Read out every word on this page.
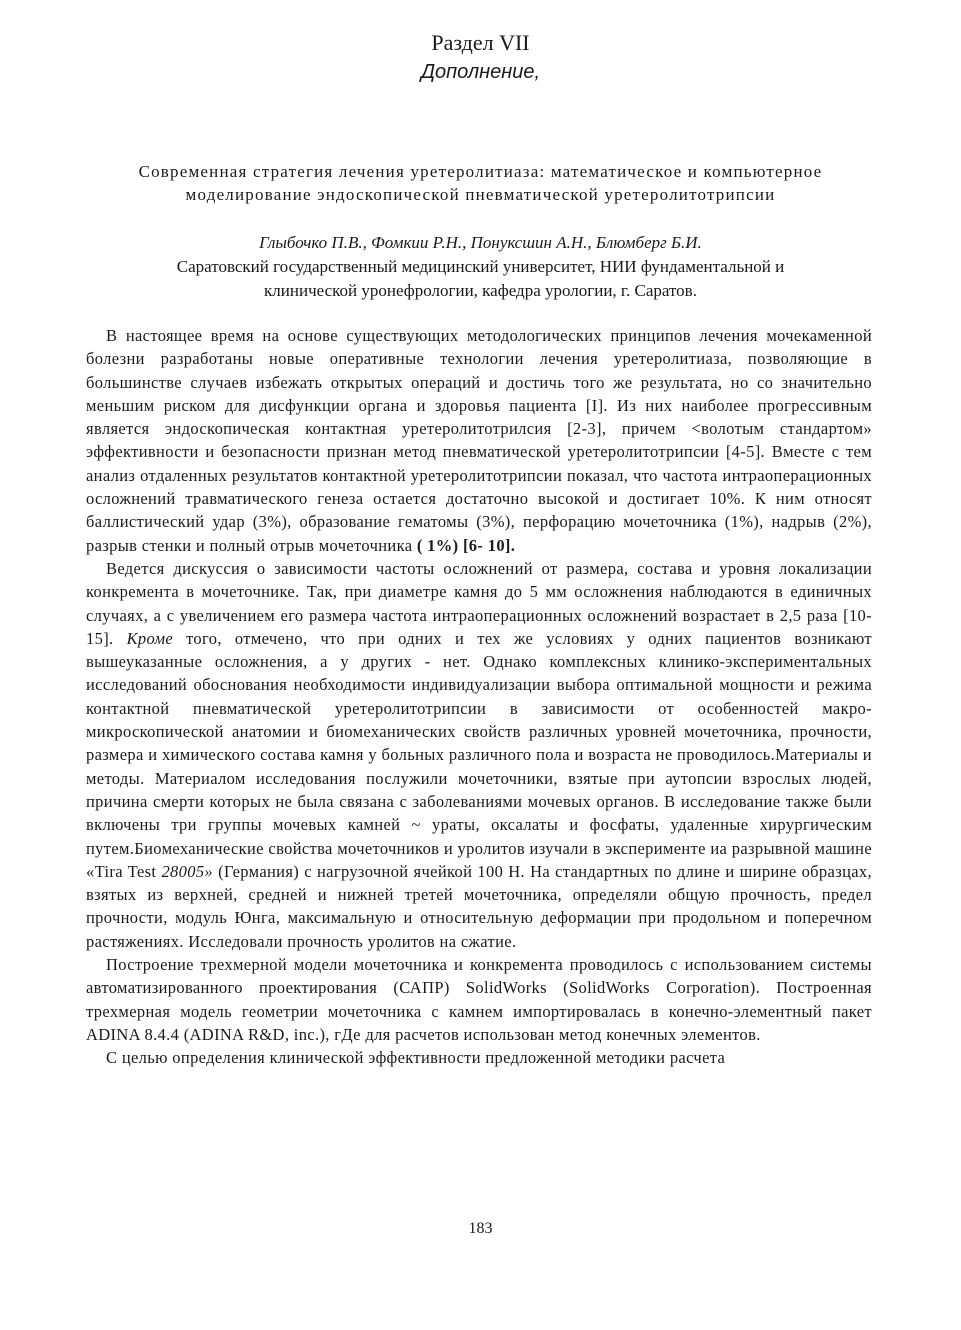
Раздел VII
Дополнение,
Современная стратегия лечения уретеролитиаза: математическое и компьютерное
моделирование эндоскопической пневматической уретеролитотрипсии
Глыбочко П.В., Фомкии Р.Н., Понуксшин А.Н., Блюмберг Б.И.
Саратовский государственный медицинский университет, НИИ фундаментальной и
клинической уронефрологии, кафедра урологии, г. Саратов.

В настоящее время на основе существующих методологических принципов лечения мочекаменной болезни разработаны новые оперативные технологии лечения уретеролитиаза, позволяющие в большинстве случаев избежать открытых операций и достичь того же результата, но со значительно меньшим риском для дисфункции органа и здоровья пациента [I]. Из них наиболее прогрессивным является эндоскопическая контактная уретеролитотрилсия [2-3], причем <волотым стандартом» эффективности и безопасности признан метод пневматической уретеролитотрипсии [4-5]. Вместе с тем анализ отдаленных результатов контактной уретеролитотрипсии показал, что частота интраоперационных осложнений травматического генеза остается достаточно высокой и достигает 10%. К ним относят баллистический удар (3%), образование гематомы (3%), перфорацию мочеточника (1%), надрыв (2%), разрыв стенки и полный отрыв мочеточника ( 1%) [6- 10].

Ведется дискуссия о зависимости частоты осложнений от размера, состава и уровня локализации конкремента в мочеточнике. Так, при диаметре камня до 5 мм осложнения наблюдаются в единичных случаях, а с увеличением его размера частота интраоперационных осложнений возрастает в 2,5 раза [10-15]. Кроме того, отмечено, что при одних и тех же условиях у одних пациентов возникают вышеуказанные осложнения, а у других - нет. Однако комплексных клинико-экспериментальных исследований обоснования необходимости индивидуализации выбора оптимальной мощности и режима контактной пневматической уретеролитотрипсии в зависимости от особенностей макро-микроскопической анатомии и биомеханических свойств различных уровней мочеточника, прочности, размера и химического состава камня у больных различного пола и возраста не проводилось.Материалы и методы. Материалом исследования послужили мочеточники, взятые при аутопсии взрослых людей, причина смерти которых не была связана с заболеваниями мочевых органов. В исследование также были включены три группы мочевых камней ~ ураты, оксалаты и фосфаты, удаленные хирургическим путем.Биомеханические свойства мочеточников и уролитов изучали в эксперименте иа разрывной машине «Tira Test 28005» (Германия) с нагрузочной ячейкой 100 Н. На стандартных по длине и ширине образцах, взятых из верхней, средней и нижней третей мочеточника, определяли общую прочность, предел прочности, модуль Юнга, максимальную и относительную деформации при продольном и поперечном растяжениях. Исследовали прочность уролитов на сжатие.

Построение трехмерной модели мочеточника и конкремента проводилось с использованием системы автоматизированного проектирования (САПР) SolidWorks (SolidWorks Corporation). Построенная трехмерная модель геометрии мочеточника с камнем импортировалась в конечно-элементный пакет ADINA 8.4.4 (ADINA R&D, inc.), гДе для расчетов использован метод конечных элементов.

С целью определения клинической эффективности предложенной методики расчета

183
